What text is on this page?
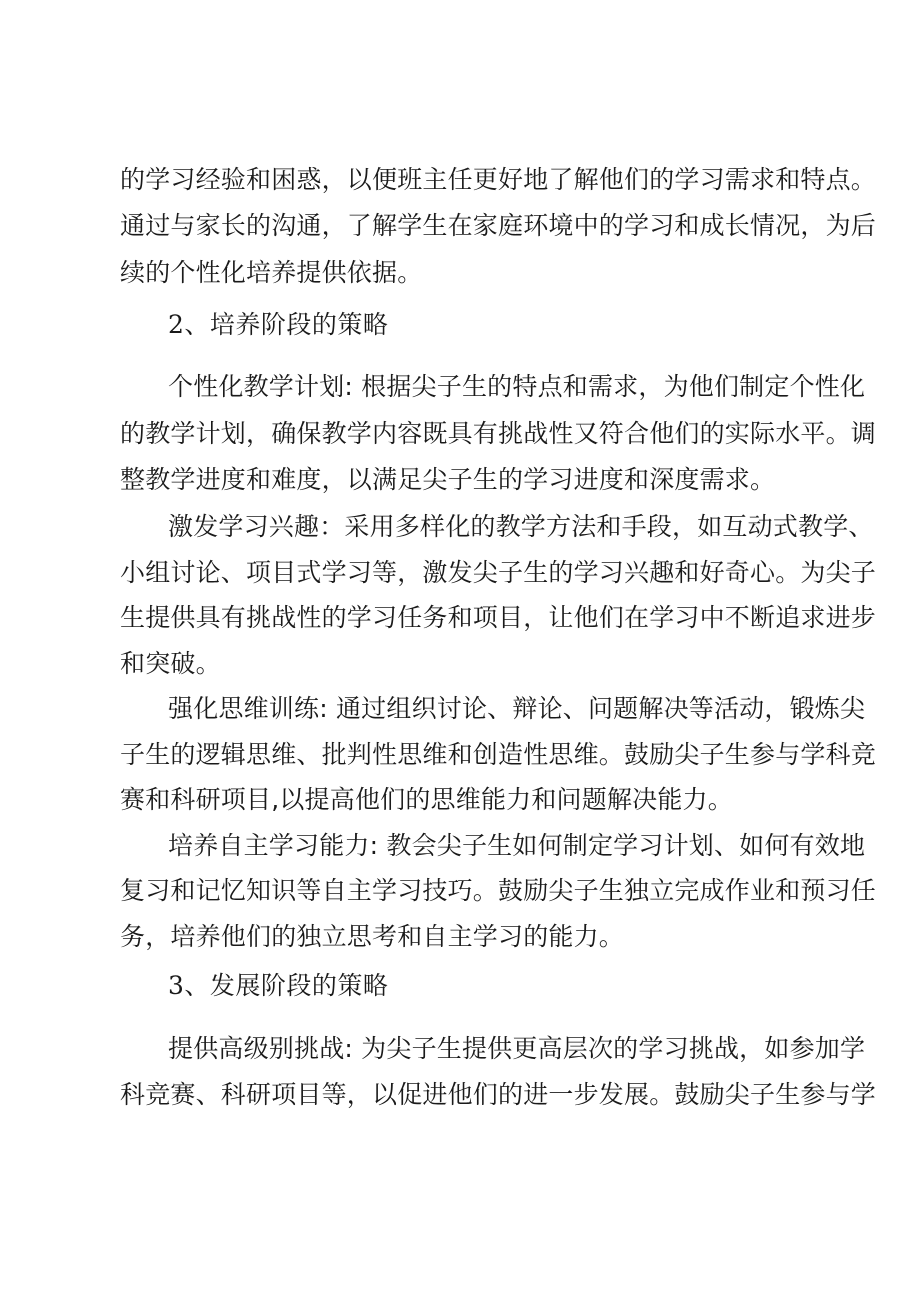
的学习经验和困惑，以便班主任更好地了解他们的学习需求和特点。
通过与家长的沟通，了解学生在家庭环境中的学习和成长情况，为后
续的个性化培养提供依据。
2、培养阶段的策略
个性化教学计划: 根据尖子生的特点和需求，为他们制定个性化
的教学计划，确保教学内容既具有挑战性又符合他们的实际水平。调
整教学进度和难度，以满足尖子生的学习进度和深度需求。
激发学习兴趣：采用多样化的教学方法和手段，如互动式教学、
小组讨论、项目式学习等，激发尖子生的学习兴趣和好奇心。为尖子
生提供具有挑战性的学习任务和项目，让他们在学习中不断追求进步
和突破。
强化思维训练: 通过组织讨论、辩论、问题解决等活动，锻炼尖
子生的逻辑思维、批判性思维和创造性思维。鼓励尖子生参与学科竞
赛和科研项目,以提高他们的思维能力和问题解决能力。
培养自主学习能力: 教会尖子生如何制定学习计划、如何有效地
复习和记忆知识等自主学习技巧。鼓励尖子生独立完成作业和预习任
务，培养他们的独立思考和自主学习的能力。
3、发展阶段的策略
提供高级别挑战: 为尖子生提供更高层次的学习挑战，如参加学
科竞赛、科研项目等，以促进他们的进一步发展。鼓励尖子生参与学
